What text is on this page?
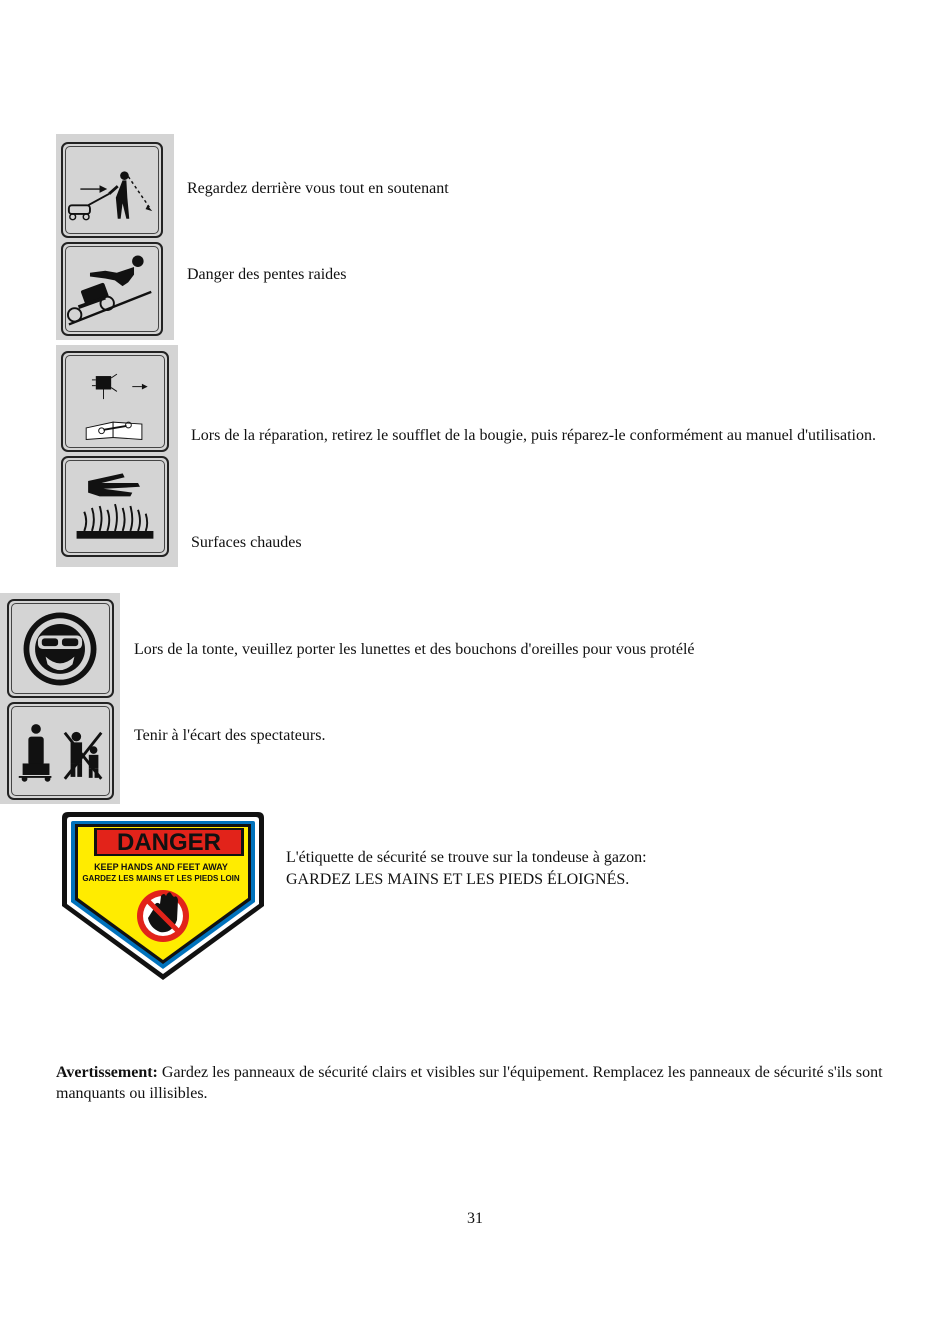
Regardez derrière vous tout en soutenant
Danger des pentes raides
Lors de la réparation, retirez le soufflet de la bougie, puis réparez-le conformément au manuel d'utilisation.
Surfaces chaudes
Lors de la tonte, veuillez porter les lunettes et des bouchons d'oreilles pour vous protélé
Tenir à l'écart des spectateurs.
DANGER
KEEP HANDS AND FEET AWAY
GARDEZ LES MAINS ET LES PIEDS LOIN
L'étiquette de sécurité se trouve sur la tondeuse à gazon:
GARDEZ LES MAINS ET LES PIEDS ÉLOIGNÉS.
Avertissement: Gardez les panneaux de sécurité clairs et visibles sur l'équipement. Remplacez les panneaux de sécurité s'ils sont manquants ou illisibles.
31
